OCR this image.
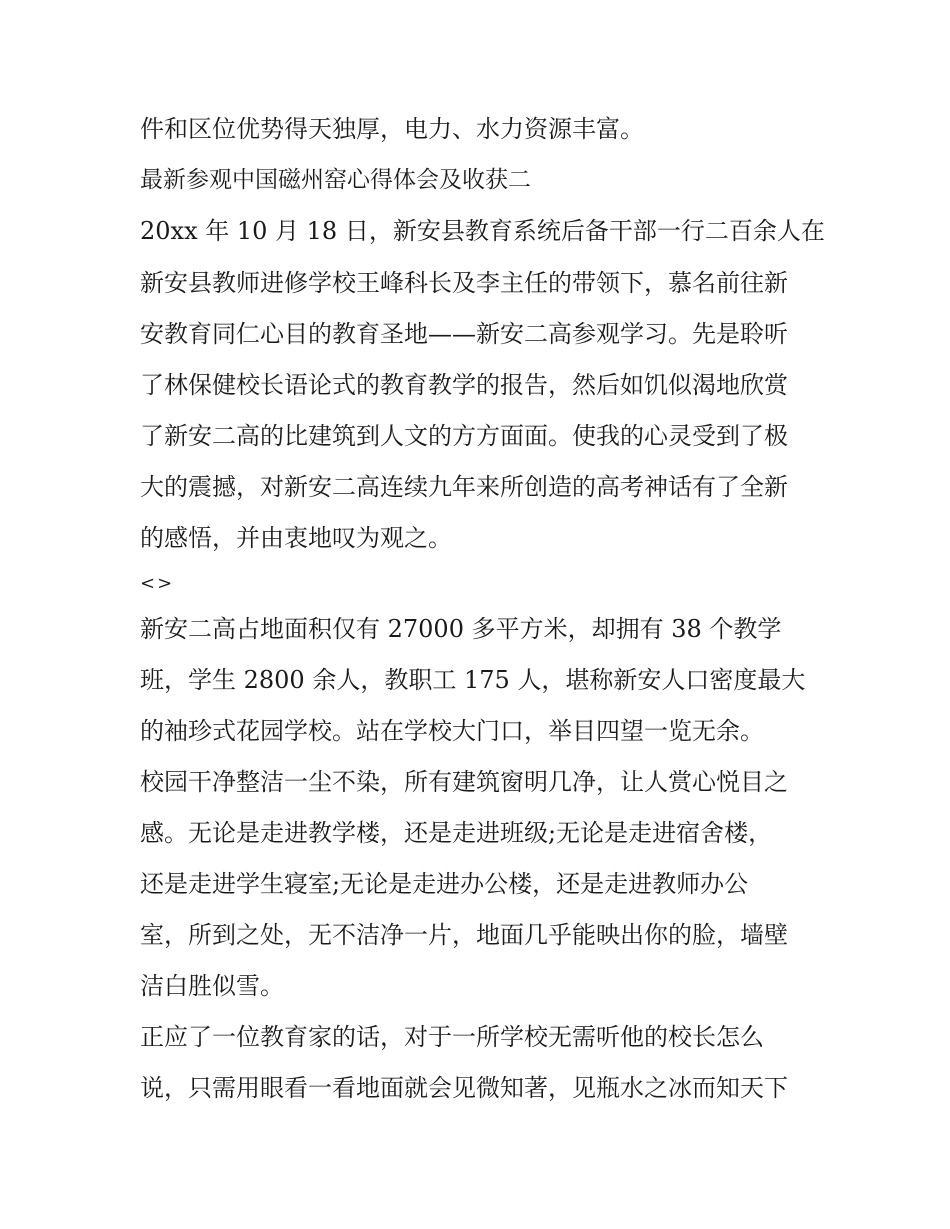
件和区位优势得天独厚，电力、水力资源丰富。
最新参观中国磁州窑心得体会及收获二
20xx 年 10 月 18 日，新安县教育系统后备干部一行二百余人在
新安县教师进修学校王峰科长及李主任的带领下，慕名前往新
安教育同仁心目的教育圣地——新安二高参观学习。先是聆听
了林保健校长语论式的教育教学的报告，然后如饥似渴地欣赏
了新安二高的比建筑到人文的方方面面。使我的心灵受到了极
大的震撼，对新安二高连续九年来所创造的高考神话有了全新
的感悟，并由衷地叹为观之。
<>
新安二高占地面积仅有 27000 多平方米，却拥有 38 个教学
班，学生 2800 余人，教职工 175 人，堪称新安人口密度最大
的袖珍式花园学校。站在学校大门口，举目四望一览无余。
校园干净整洁一尘不染，所有建筑窗明几净，让人赏心悦目之
感。无论是走进教学楼，还是走进班级;无论是走进宿舍楼，
还是走进学生寝室;无论是走进办公楼，还是走进教师办公
室，所到之处，无不洁净一片，地面几乎能映出你的脸，墙壁
洁白胜似雪。
正应了一位教育家的话，对于一所学校无需听他的校长怎么
说，只需用眼看一看地面就会见微知著，见瓶水之冰而知天下
